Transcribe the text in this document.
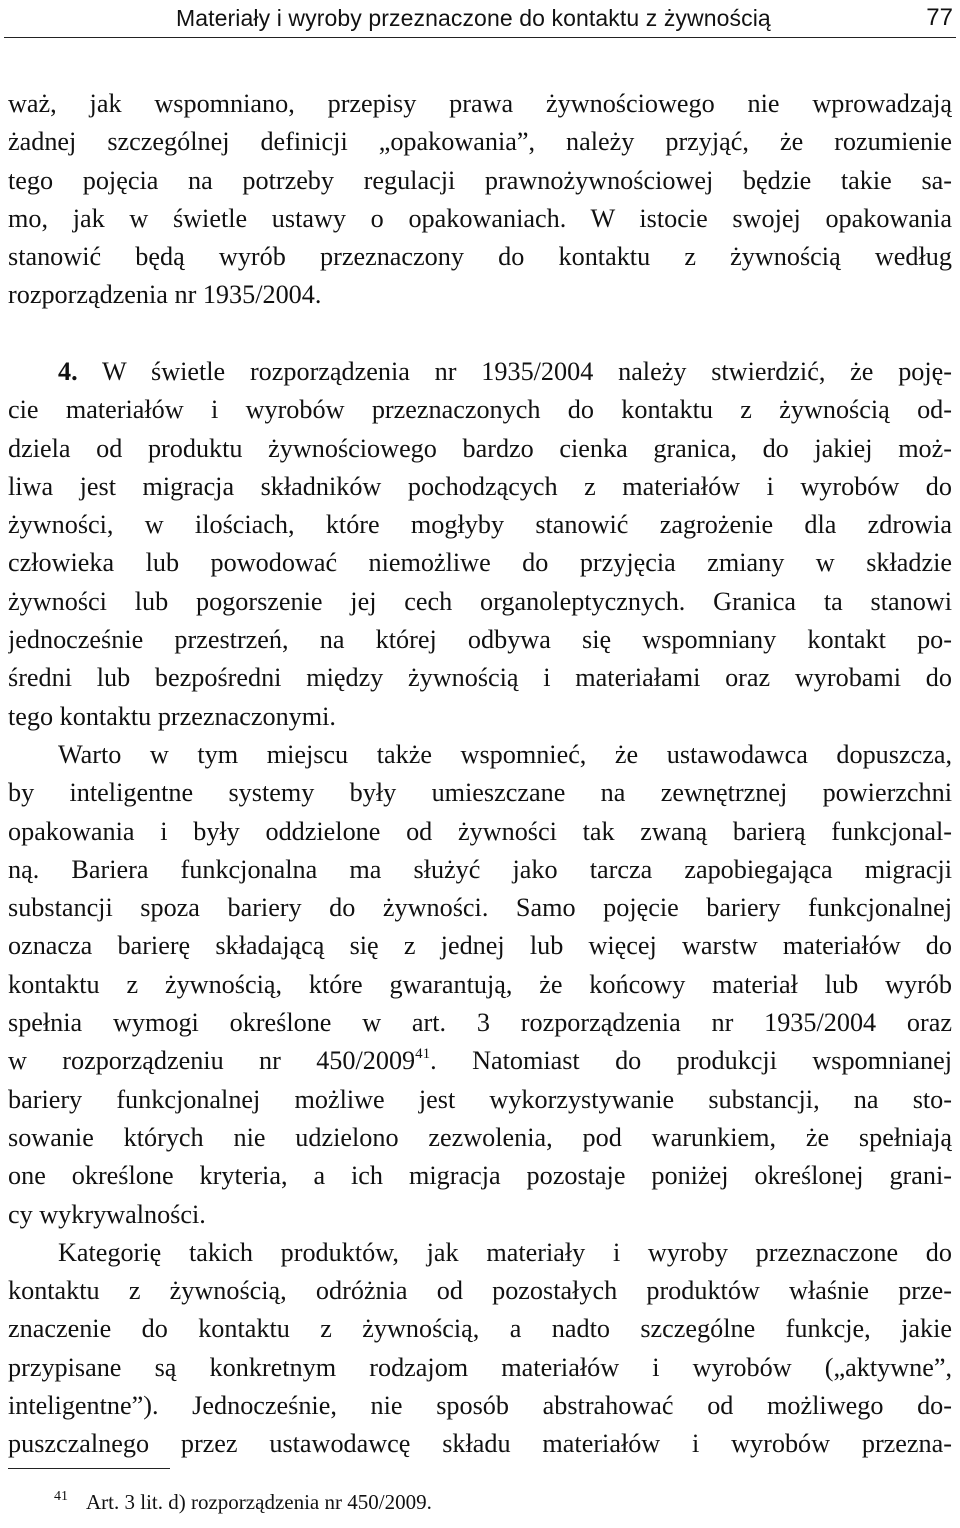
Materiały i wyroby przeznaczone do kontaktu z żywnością	77
waż, jak wspomniano, przepisy prawa żywnościowego nie wprowadzają
żadnej szczególnej definicji „opakowania”, należy przyjąć, że rozumienie
tego pojęcia na potrzeby regulacji prawnożywnościowej będzie takie sa-
mo, jak w świetle ustawy o opakowaniach. W istocie swojej opakowania
stanowić będą wyrób przeznaczony do kontaktu z żywnością według
rozporządzenia nr 1935/2004.
4. W świetle rozporządzenia nr 1935/2004 należy stwierdzić, że poję-
cie materiałów i wyrobów przeznaczonych do kontaktu z żywnością od-
dziela od produktu żywnościowego bardzo cienka granica, do jakiej moż-
liwa jest migracja składników pochodzących z materiałów i wyrobów do
żywności, w ilościach, które mogłyby stanowić zagrożenie dla zdrowia
człowieka lub powodować niemożliwe do przyjęcia zmiany w składzie
żywności lub pogorszenie jej cech organoleptycznych. Granica ta stanowi
jednocześnie przestrzeń, na której odbywa się wspomniany kontakt po-
średni lub bezpośredni między żywnością i materiałami oraz wyrobami do
tego kontaktu przeznaczonymi.
Warto w tym miejscu także wspomnieć, że ustawodawca dopuszcza,
by inteligentne systemy były umieszczane na zewnętrznej powierzchni
opakowania i były oddzielone od żywności tak zwaną barierą funkcjonal-
ną. Bariera funkcjonalna ma służyć jako tarcza zapobiegająca migracji
substancji spoza bariery do żywności. Samo pojęcie bariery funkcjonalnej
oznacza barierę składającą się z jednej lub więcej warstw materiałów do
kontaktu z żywnością, które gwarantują, że końcowy materiał lub wyrób
spełnia wymogi określone w art. 3 rozporządzenia nr 1935/2004 oraz
w rozporządzeniu nr 450/2009$^{41}$. Natomiast do produkcji wspomnianej
bariery funkcjonalnej możliwe jest wykorzystywanie substancji, na sto-
sowanie których nie udzielono zezwolenia, pod warunkiem, że spełniają
one określone kryteria, a ich migracja pozostaje poniżej określonej grani-
cy wykrywalności.
Kategorię takich produktów, jak materiały i wyroby przeznaczone do
kontaktu z żywnością, odróżnia od pozostałych produktów właśnie prze-
znaczenie do kontaktu z żywnością, a nadto szczególne funkcje, jakie
przypisane są konkretnym rodzajom materiałów i wyrobów („aktywne”,
inteligentne”). Jednocześnie, nie sposób abstrahować od możliwego do-
puszczalnego przez ustawodawcę składu materiałów i wyrobów przezna-
$^{41}$ Art. 3 lit. d) rozporządzenia nr 450/2009.
